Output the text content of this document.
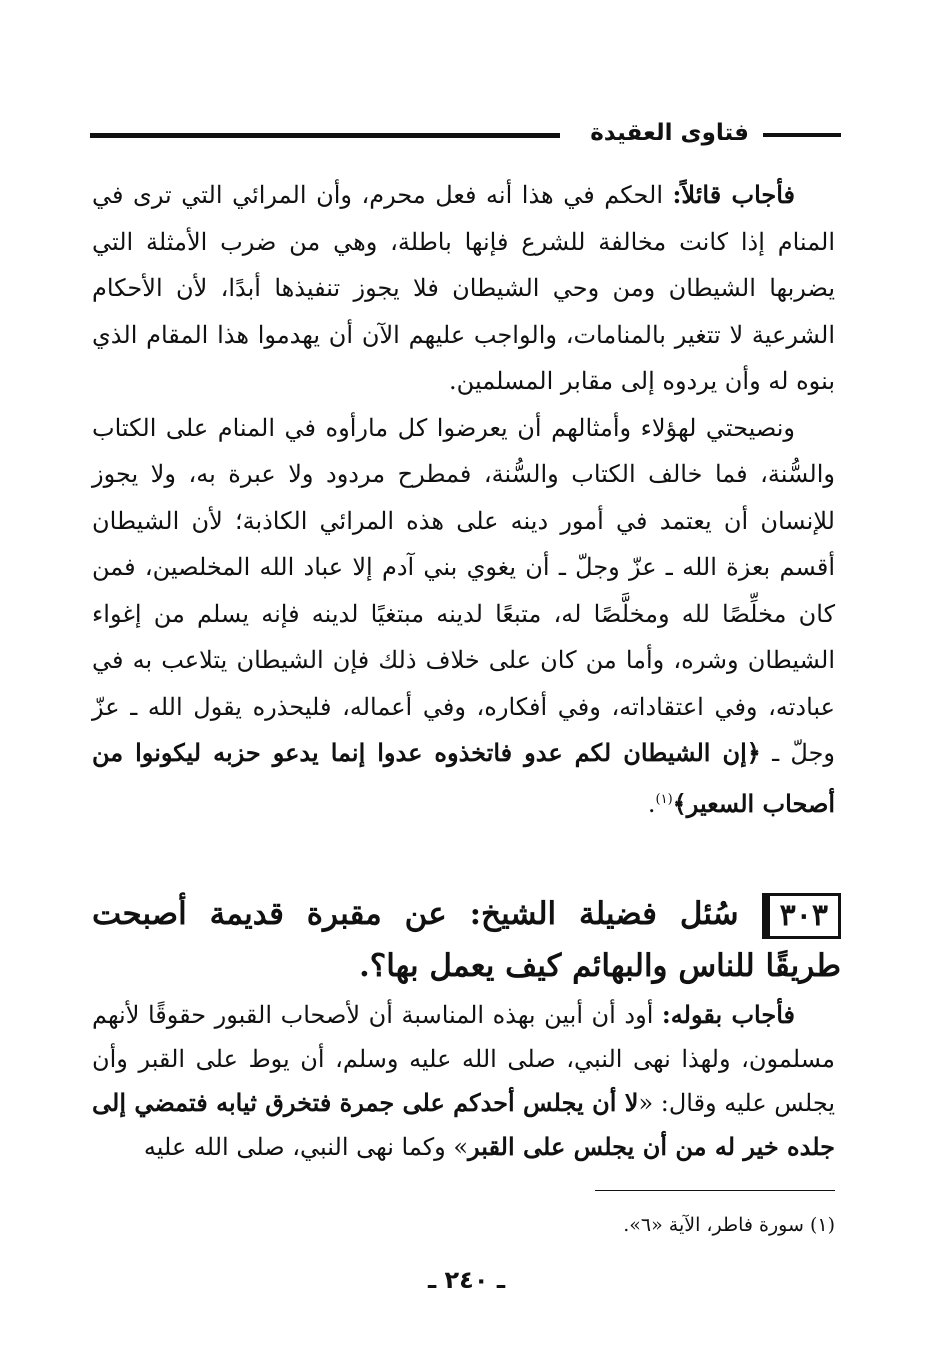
فتاوى العقيدة

فأجاب قائلاً: الحكم في هذا أنه فعل محرم، وأن المرائي التي ترى في المنام إذا كانت مخالفة للشرع فإنها باطلة، وهي من ضرب الأمثلة التي يضربها الشيطان ومن وحي الشيطان فلا يجوز تنفيذها أبدًا، لأن الأحكام الشرعية لا تتغير بالمنامات، والواجب عليهم الآن أن يهدموا هذا المقام الذي بنوه له وأن يردوه إلى مقابر المسلمين.

ونصيحتي لهؤلاء وأمثالهم أن يعرضوا كل مارأوه في المنام على الكتاب والسُّنة، فما خالف الكتاب والسُّنة، فمطرح مردود ولا عبرة به، ولا يجوز للإنسان أن يعتمد في أمور دينه على هذه المرائي الكاذبة؛ لأن الشيطان أقسم بعزة الله ـ عزّ وجلّ ـ أن يغوي بني آدم إلا عباد الله المخلصين، فمن كان مخلِّصًا لله ومخلَّصًا له، متبعًا لدينه مبتغيًا لدينه فإنه يسلم من إغواء الشيطان وشره، وأما من كان على خلاف ذلك فإن الشيطان يتلاعب به في عبادته، وفي اعتقاداته، وفي أفكاره، وفي أعماله، فليحذره يقول الله ـ عزّ وجلّ ـ ﴿إن الشيطان لكم عدو فاتخذوه عدوا إنما يدعو حزبه ليكونوا من أصحاب السعير﴾$^{(١)}$.

٣٠٣سُئل فضيلة الشيخ: عن مقبرة قديمة أصبحت طريقًا للناس والبهائم كيف يعمل بها؟.

فأجاب بقوله: أود أن أبين بهذه المناسبة أن لأصحاب القبور حقوقًا لأنهم مسلمون، ولهذا نهى النبي، صلى الله عليه وسلم، أن يوط على القبر وأن يجلس عليه وقال: «لا أن يجلس أحدكم على جمرة فتخرق ثيابه فتمضي إلى جلده خير له من أن يجلس على القبر» وكما نهى النبي، صلى الله عليه

(١) سورة فاطر، الآية «٦».
ـ ٢٤٠ ـ
